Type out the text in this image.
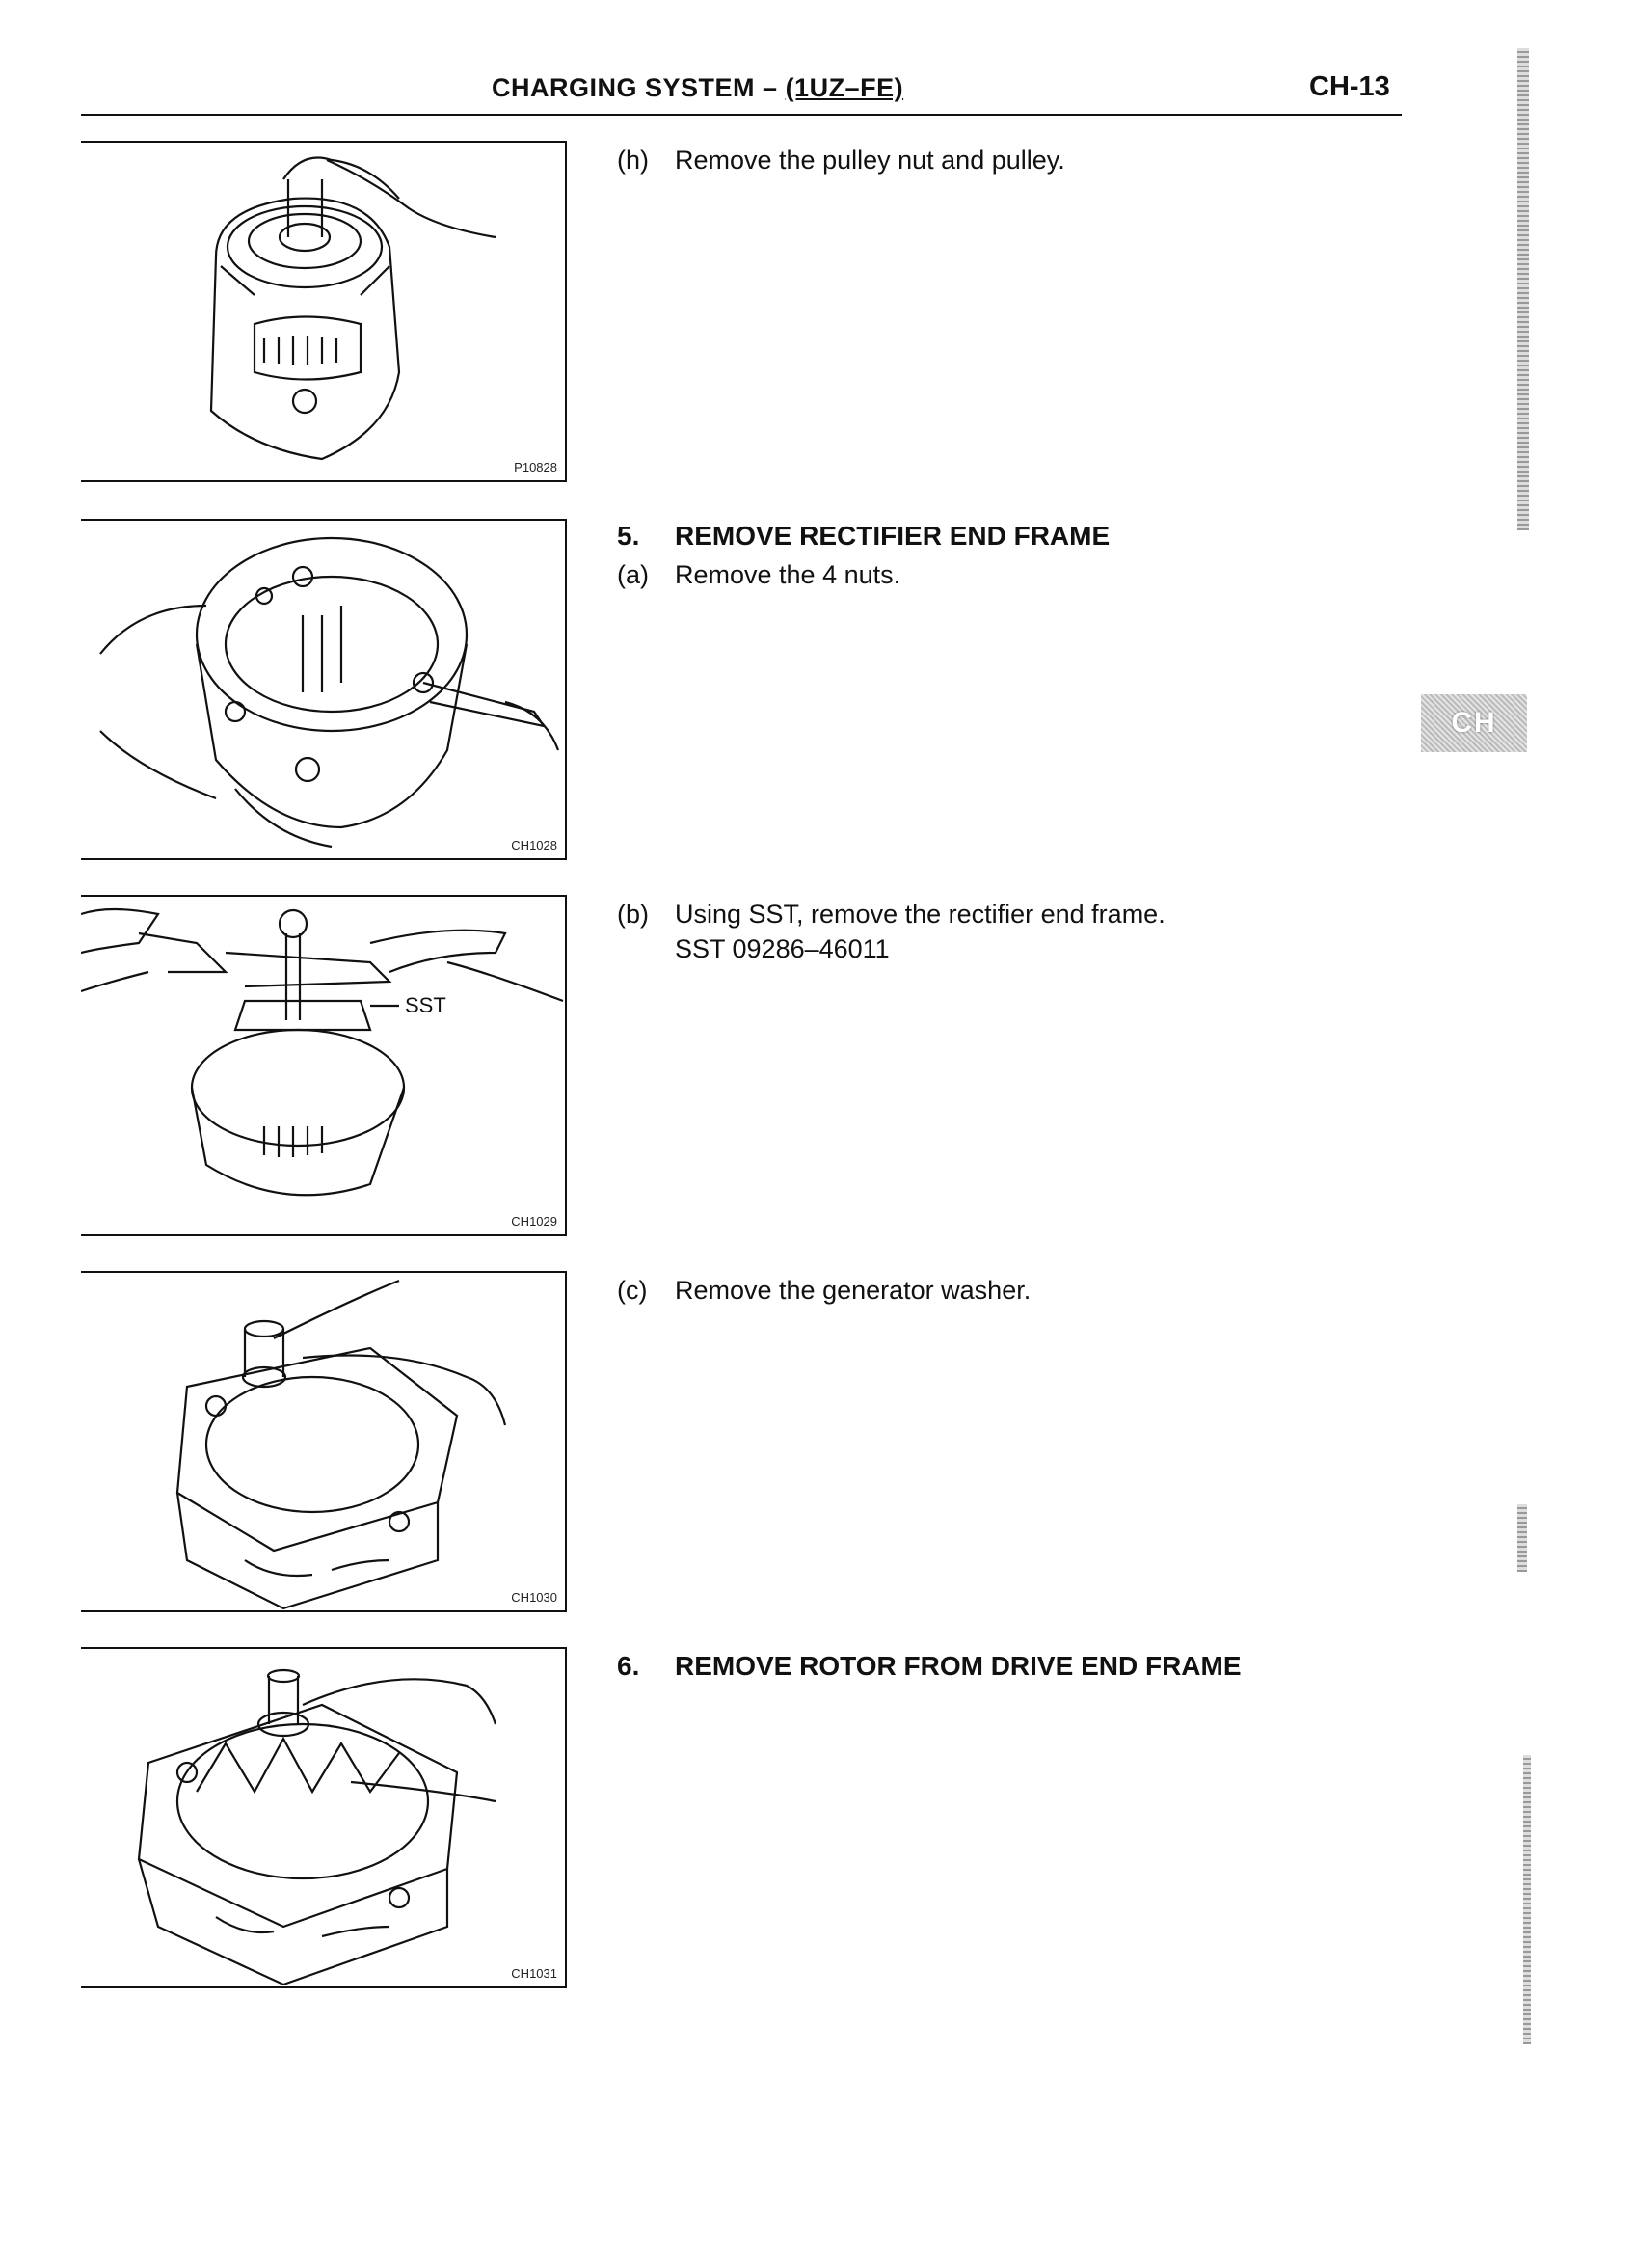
CHARGING SYSTEM – (1UZ–FE)	CH-13
CH
P10828
CH1028
SST
CH1029
CH1030
CH1031
(h) Remove the pulley nut and pulley.
5. REMOVE RECTIFIER END FRAME
(a) Remove the 4 nuts.
(b) Using SST, remove the rectifier end frame.
SST 09286–46011
(c) Remove the generator washer.
6. REMOVE ROTOR FROM DRIVE END FRAME
